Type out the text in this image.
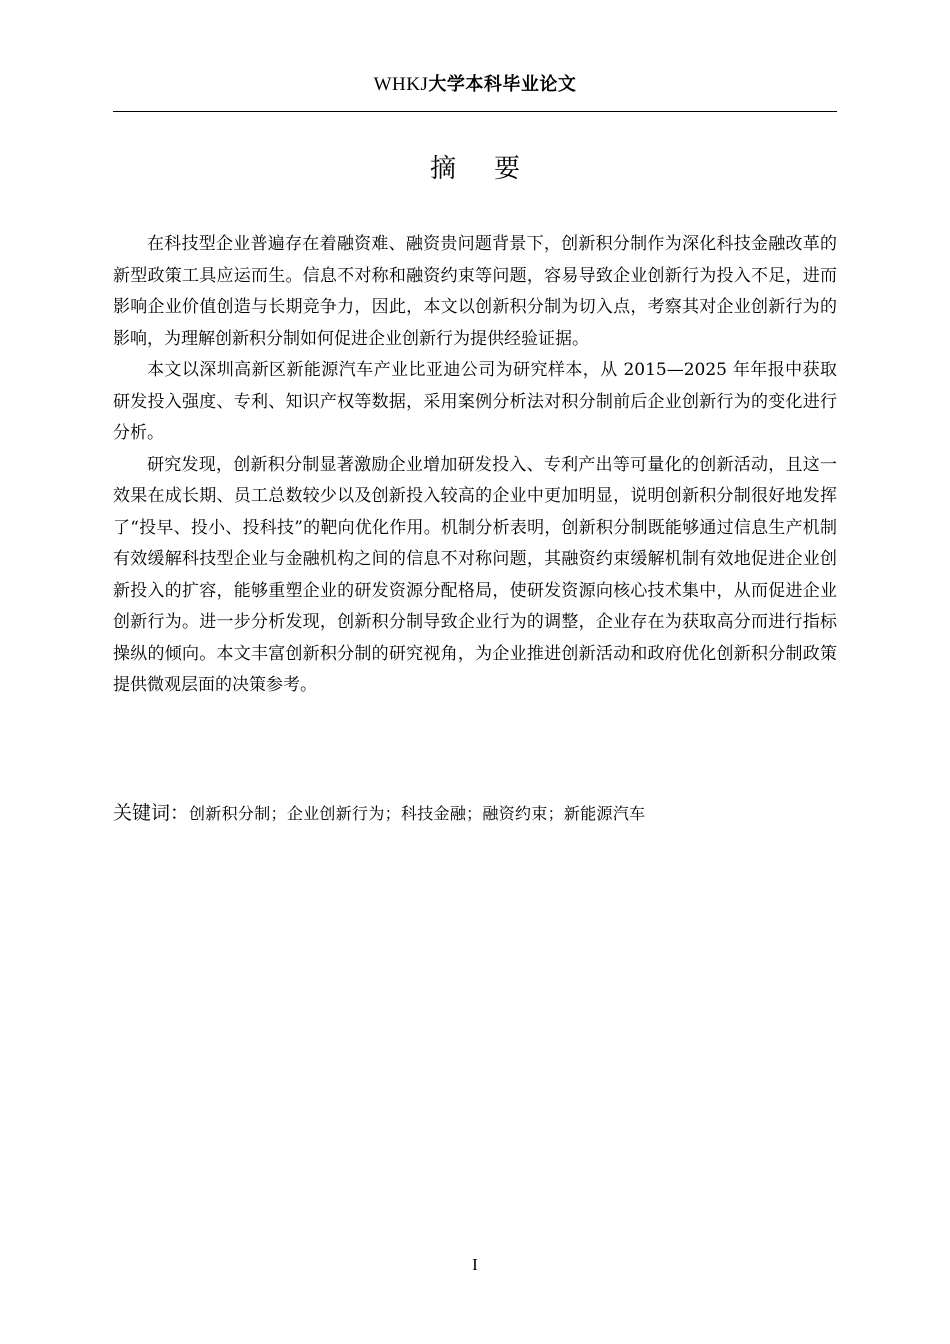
WHKJ大学本科毕业论文
摘要

在科技型企业普遍存在着融资难、融资贵问题背景下，创新积分制作为深化科技金融改革的新型政策工具应运而生。信息不对称和融资约束等问题，容易导致企业创新行为投入不足，进而影响企业价值创造与长期竞争力，因此，本文以创新积分制为切入点，考察其对企业创新行为的影响，为理解创新积分制如何促进企业创新行为提供经验证据。

本文以深圳高新区新能源汽车产业比亚迪公司为研究样本，从 2015—2025 年年报中获取研发投入强度、专利、知识产权等数据，采用案例分析法对积分制前后企业创新行为的变化进行分析。

研究发现，创新积分制显著激励企业增加研发投入、专利产出等可量化的创新活动，且这一效果在成长期、员工总数较少以及创新投入较高的企业中更加明显，说明创新积分制很好地发挥了“投早、投小、投科技”的靶向优化作用。机制分析表明，创新积分制既能够通过信息生产机制有效缓解科技型企业与金融机构之间的信息不对称问题，其融资约束缓解机制有效地促进企业创新投入的扩容，能够重塑企业的研发资源分配格局，使研发资源向核心技术集中，从而促进企业创新行为。进一步分析发现，创新积分制导致企业行为的调整，企业存在为获取高分而进行指标操纵的倾向。本文丰富创新积分制的研究视角，为企业推进创新活动和政府优化创新积分制政策提供微观层面的决策参考。

关键词：创新积分制；企业创新行为；科技金融；融资约束；新能源汽车
I
